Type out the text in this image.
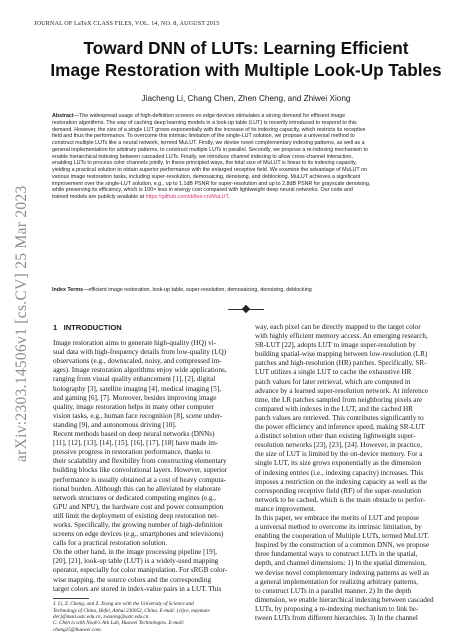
JOURNAL OF LaTeX CLASS FILES, VOL. 14, NO. 8, AUGUST 2015
arXiv:2303.14506v1 [cs.CV] 25 Mar 2023
Toward DNN of LUTs: Learning Efficient
Image Restoration with Multiple Look-Up Tables
Jiacheng Li, Chang Chen, Zhen Cheng, and Zhiwei Xiong
Abstract—The widespread usage of high-definition screens on edge devices stimulates a strong demand for efficient image
restoration algorithms. The way of caching deep learning models in a look-up table (LUT) is recently introduced to respond to this
demand. However, the size of a single LUT grows exponentially with the increase of its indexing capacity, which restricts its receptive
field and thus the performance. To overcome this intrinsic limitation of the single-LUT solution, we propose a universal method to
construct multiple LUTs like a neural network, termed MuLUT. Firstly, we devise novel complementary indexing patterns, as well as a
general implementation for arbitrary patterns, to construct multiple LUTs in parallel. Secondly, we propose a re-indexing mechanism to
enable hierarchical indexing between cascaded LUTs. Finally, we introduce channel indexing to allow cross-channel interaction,
enabling LUTs to process color channels jointly. In these principled ways, the total size of MuLUT is linear to its indexing capacity,
yielding a practical solution to obtain superior performance with the enlarged receptive field. We examine the advantage of MuLUT on
various image restoration tasks, including super-resolution, demosaicing, denoising, and deblocking. MuLUT achieves a significant
improvement over the single-LUT solution, e.g., up to 1.1dB PSNR for super-resolution and up to 2.8dB PSNR for grayscale denoising,
while preserving its efficiency, which is 100× less in energy cost compared with lightweight deep neural networks. Our code and
trained models are publicly available at https://github.com/ddlee-cn/MuLUT.
Index Terms—efficient image restoration, look-up table, super-resolution, demosaicing, denoising, deblocking
1 INTRODUCTION
Image restoration aims to generate high-quality (HQ) vi-
sual data with high-frequency details from low-quality (LQ)
observations (e.g., downscaled, noisy, and compressed im-
ages). Image restoration algorithms enjoy wide applications,
ranging from visual quality enhancement [1], [2], digital
holography [3], satellite imaging [4], medical imaging [5],
and gaming [6], [7]. Moreover, besides improving image
quality, image restoration helps in many other computer
vision tasks, e.g., human face recognition [8], scene under-
standing [9], and autonomous driving [10].
Recent methods based on deep neural networks (DNNs)
[11], [12], [13], [14], [15], [16], [17], [18] have made im-
pressive progress in restoration performance, thanks to
their scalability and flexibility from constructing elementary
building blocks like convolutional layers. However, superior
performance is usually obtained at a cost of heavy computa-
tional burden. Although this can be alleviated by elaborate
network structures or dedicated computing engines (e.g.,
GPU and NPU), the hardware cost and power consumption
still limit the deployment of existing deep restoration net-
works. Specifically, the growing number of high-definition
screens on edge devices (e.g., smartphones and televisions)
calls for a practical restoration solution.
On the other hand, in the image processing pipeline [19],
[20], [21], look-up table (LUT) is a widely-used mapping
operator, especially for color manipulation. For sRGB color-
wise mapping, the source colors and the corresponding
target colors are stored in index-value pairs in a LUT. This
J. Li, Z. Cheng, and Z. Xiong are with the University of Science and
Technology of China, Hefei, Anhui 230052, China. E-mail: {cljce, mayman-
der}@mail.ustc.edu.cn, zwxiong@ustc.edu.cn.
C. Chen is with Noah's Ark Lab, Huawei Technologies. E-mail:
chang25@huawei.com.
way, each pixel can be directly mapped to the target color
with highly efficient memory access. An emerging research,
SR-LUT [22], adopts LUT to image super-resolution by
building spatial-wise mapping between low-resolution (LR)
patches and high-resolution (HR) patches. Specifically, SR-
LUT utilizes a single LUT to cache the exhaustive HR
patch values for later retrieval, which are computed in
advance by a learned super-resolution network. At inference
time, the LR patches sampled from neighboring pixels are
compared with indexes in the LUT, and the cached HR
patch values are retrieved. This contributes significantly to
the power efficiency and inference speed, making SR-LUT
a distinct solution other than existing lightweight super-
resolution networks [23], [23], [24]. However, in practice,
the size of LUT is limited by the on-device memory. For a
single LUT, its size grows exponentially as the dimension
of indexing entries (i.e., indexing capacity) increases. This
imposes a restriction on the indexing capacity as well as the
corresponding receptive field (RF) of the super-resolution
network to be cached, which is the main obstacle to perfor-
mance improvement.
In this paper, we embrace the merits of LUT and propose
a universal method to overcome its intrinsic limitation, by
enabling the cooperation of Multiple LUTs, termed MuLUT.
Inspired by the construction of a common DNN, we propose
three fundamental ways to construct LUTs in the spatial,
depth, and channel dimensions: 1) In the spatial dimension,
we devise novel complementary indexing patterns as well as
a general implementation for realizing arbitrary patterns,
to construct LUTs in a parallel manner. 2) In the depth
dimension, we enable hierarchical indexing between cascaded
LUTs, by proposing a re-indexing mechanism to link be-
tween LUTs from different hierarchies. 3) In the channel
